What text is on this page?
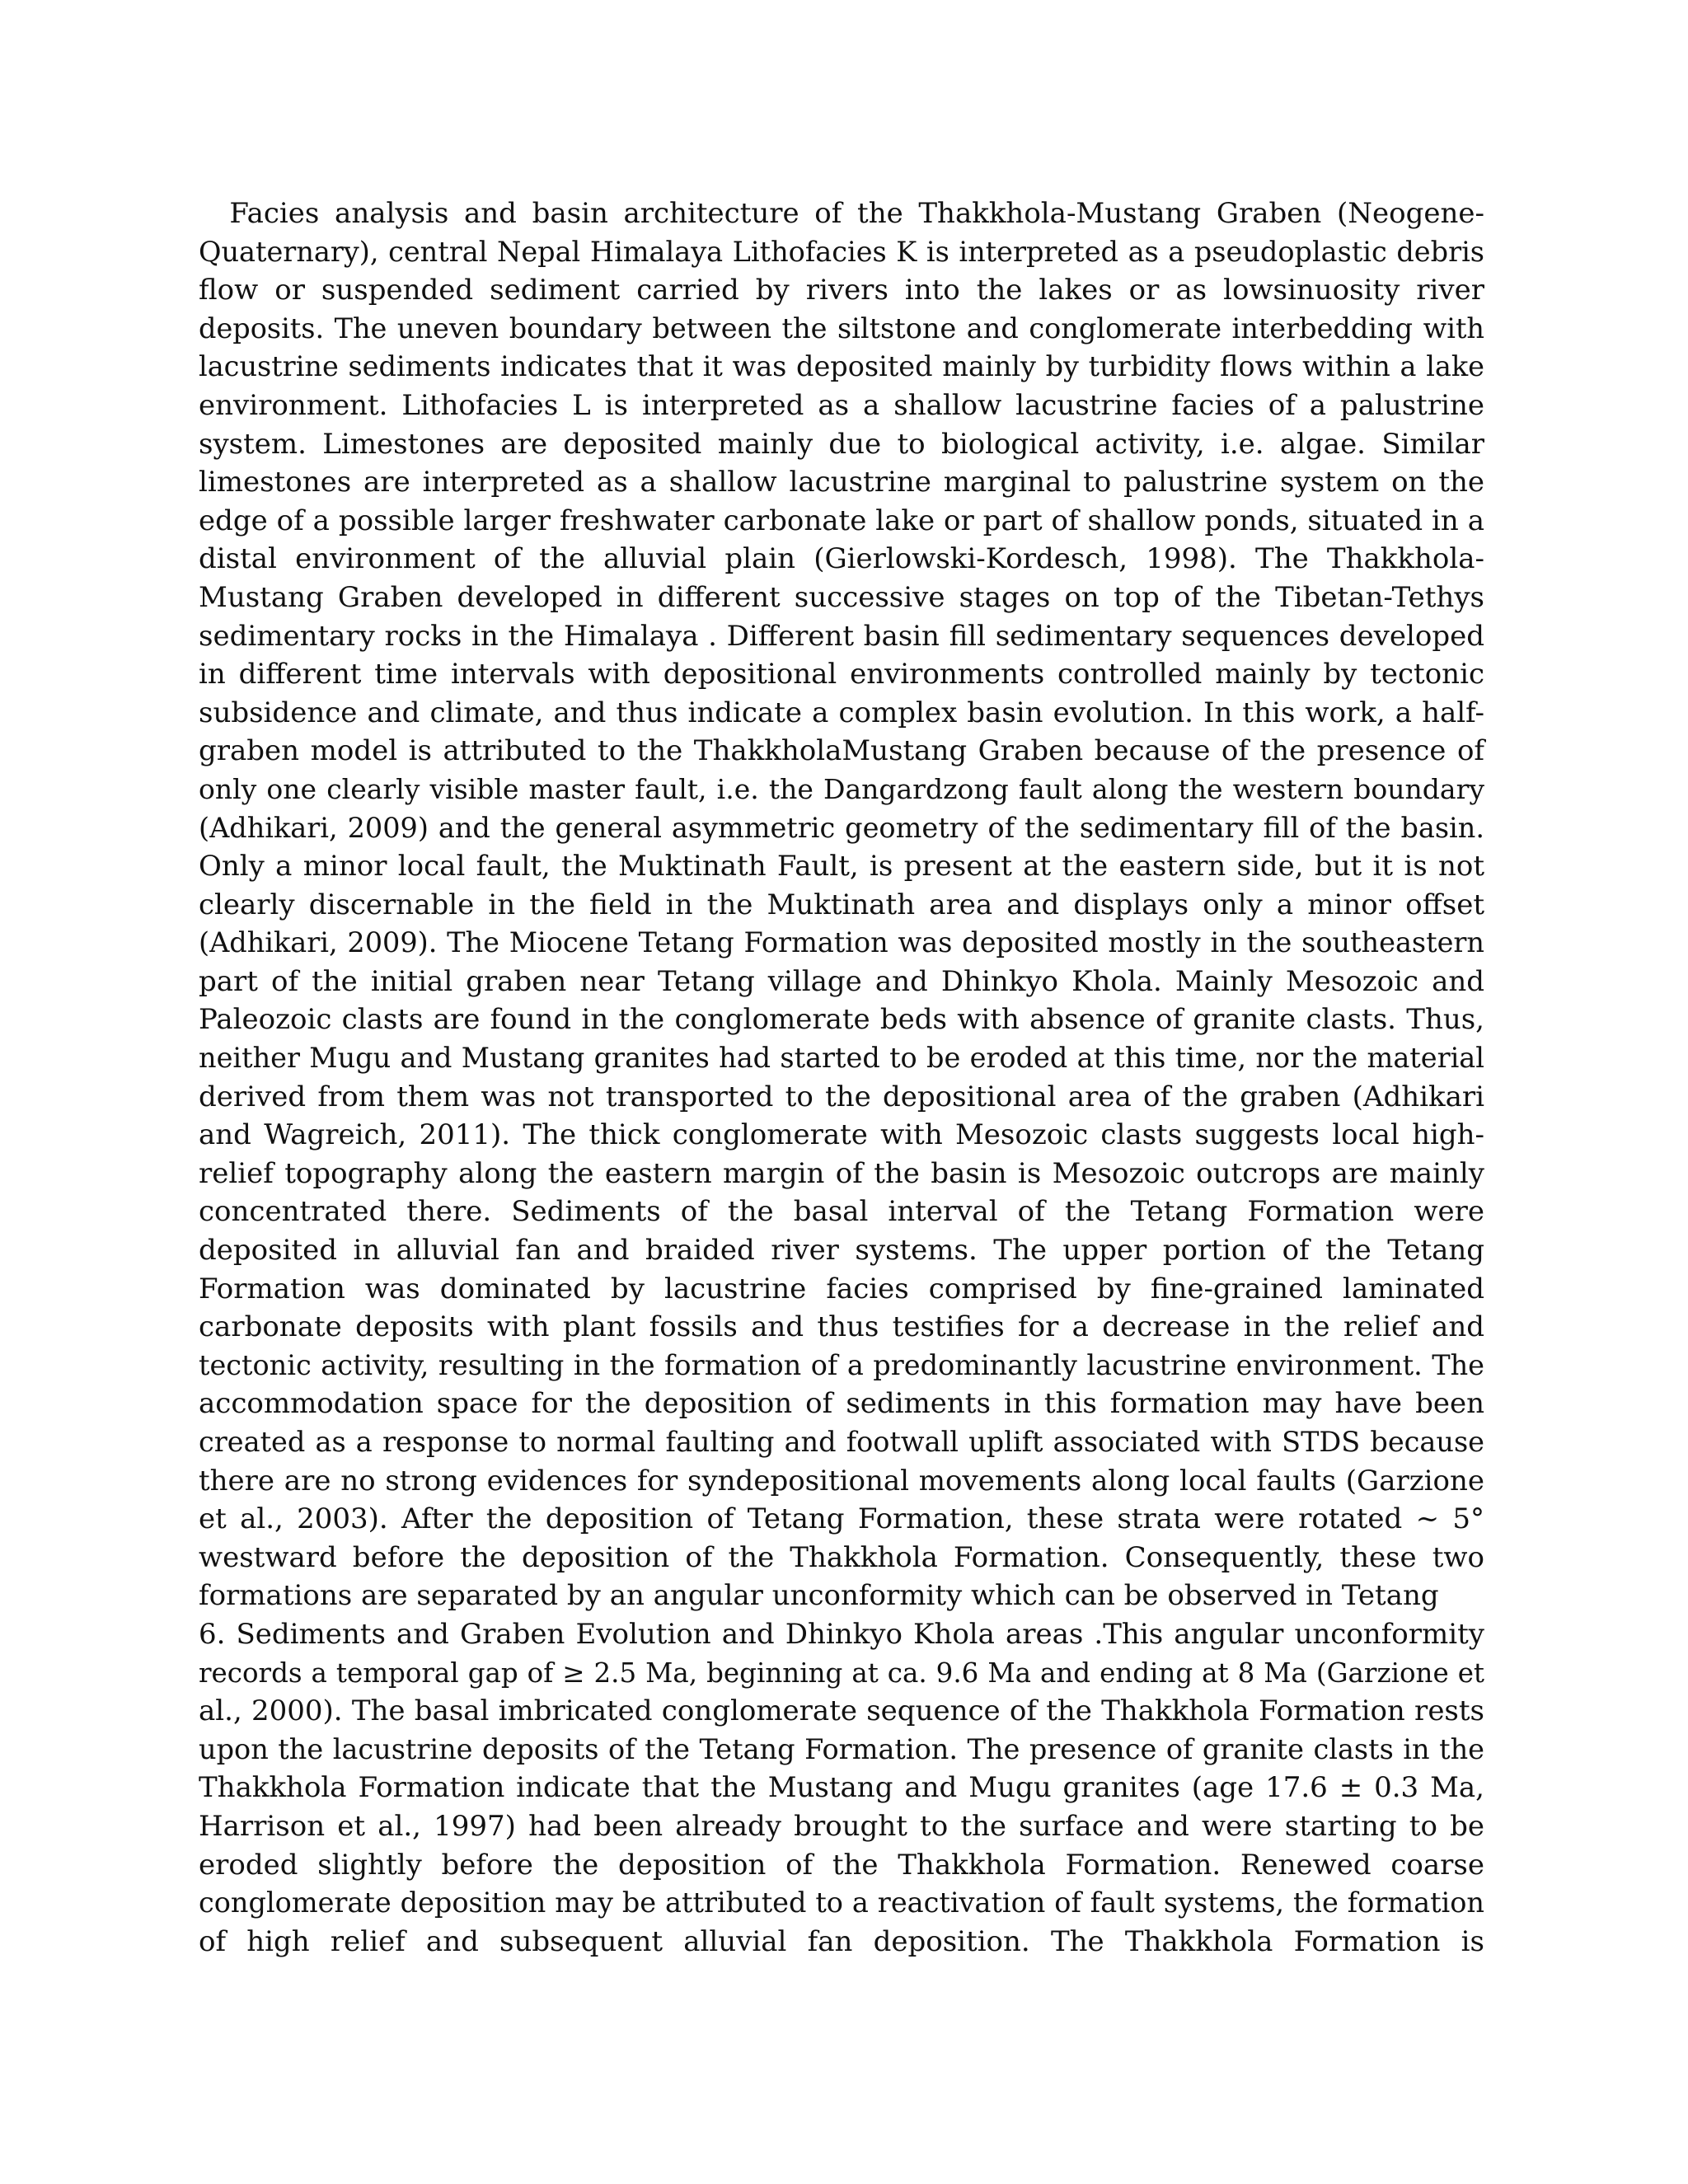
Facies analysis and basin architecture of the Thakkhola-Mustang Graben (Neogene-
Quaternary), central Nepal Himalaya Lithofacies K is interpreted as a pseudoplastic debris
flow or suspended sediment carried by rivers into the lakes or as lowsinuosity river
deposits. The uneven boundary between the siltstone and conglomerate interbedding with
lacustrine sediments indicates that it was deposited mainly by turbidity flows within a lake
environment. Lithofacies L is interpreted as a shallow lacustrine facies of a palustrine
system. Limestones are deposited mainly due to biological activity, i.e. algae. Similar
limestones are interpreted as a shallow lacustrine marginal to palustrine system on the
edge of a possible larger freshwater carbonate lake or part of shallow ponds, situated in a
distal environment of the alluvial plain (Gierlowski-Kordesch, 1998). The Thakkhola-
Mustang Graben developed in different successive stages on top of the Tibetan-Tethys
sedimentary rocks in the Himalaya . Different basin fill sedimentary sequences developed
in different time intervals with depositional environments controlled mainly by tectonic
subsidence and climate, and thus indicate a complex basin evolution. In this work, a half-
graben model is attributed to the ThakkholaMustang Graben because of the presence of
only one clearly visible master fault, i.e. the Dangardzong fault along the western boundary
(Adhikari, 2009) and the general asymmetric geometry of the sedimentary fill of the basin.
Only a minor local fault, the Muktinath Fault, is present at the eastern side, but it is not
clearly discernable in the field in the Muktinath area and displays only a minor offset
(Adhikari, 2009). The Miocene Tetang Formation was deposited mostly in the southeastern
part of the initial graben near Tetang village and Dhinkyo Khola. Mainly Mesozoic and
Paleozoic clasts are found in the conglomerate beds with absence of granite clasts. Thus,
neither Mugu and Mustang granites had started to be eroded at this time, nor the material
derived from them was not transported to the depositional area of the graben (Adhikari
and Wagreich, 2011). The thick conglomerate with Mesozoic clasts suggests local high-
relief topography along the eastern margin of the basin is Mesozoic outcrops are mainly
concentrated there. Sediments of the basal interval of the Tetang Formation were
deposited in alluvial fan and braided river systems. The upper portion of the Tetang
Formation was dominated by lacustrine facies comprised by fine-grained laminated
carbonate deposits with plant fossils and thus testifies for a decrease in the relief and
tectonic activity, resulting in the formation of a predominantly lacustrine environment. The
accommodation space for the deposition of sediments in this formation may have been
created as a response to normal faulting and footwall uplift associated with STDS because
there are no strong evidences for syndepositional movements along local faults (Garzione
et al., 2003). After the deposition of Tetang Formation, these strata were rotated ~ 5°
westward before the deposition of the Thakkhola Formation. Consequently, these two
formations are separated by an angular unconformity which can be observed in Tetang
6. Sediments and Graben Evolution and Dhinkyo Khola areas .This angular unconformity
records a temporal gap of ≥ 2.5 Ma, beginning at ca. 9.6 Ma and ending at 8 Ma (Garzione et
al., 2000). The basal imbricated conglomerate sequence of the Thakkhola Formation rests
upon the lacustrine deposits of the Tetang Formation. The presence of granite clasts in the
Thakkhola Formation indicate that the Mustang and Mugu granites (age 17.6 ± 0.3 Ma,
Harrison et al., 1997) had been already brought to the surface and were starting to be
eroded slightly before the deposition of the Thakkhola Formation. Renewed coarse
conglomerate deposition may be attributed to a reactivation of fault systems, the formation
of high relief and subsequent alluvial fan deposition. The Thakkhola Formation is
